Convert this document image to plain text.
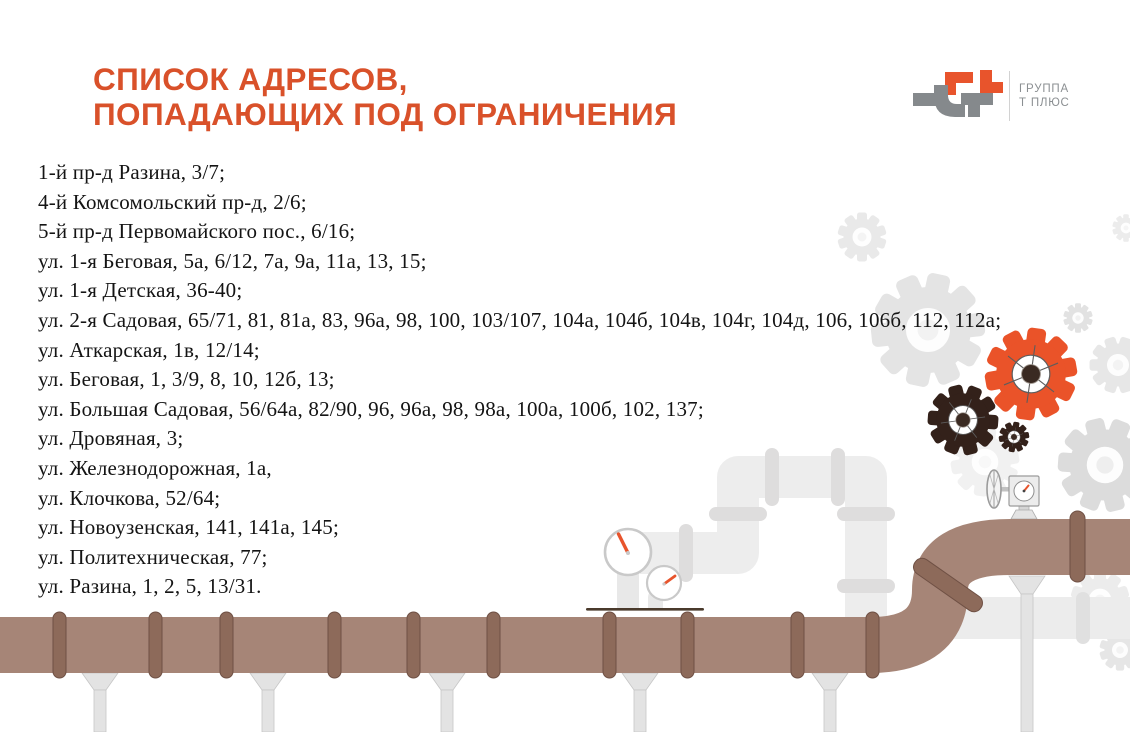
СПИСОК АДРЕСОВ,
ПОПАДАЮЩИХ ПОД ОГРАНИЧЕНИЯ
ГРУППА
Т ПЛЮС
1-й пр-д Разина, 3/7;
4-й Комсомольский пр-д, 2/6;
5-й пр-д Первомайского пос., 6/16;
ул. 1-я Беговая, 5а, 6/12, 7а, 9а, 11а, 13, 15;
ул. 1-я Детская, 36-40;
ул. 2-я Садовая, 65/71, 81, 81а, 83, 96а, 98, 100, 103/107, 104а, 104б, 104в, 104г, 104д, 106, 106б, 112, 112а;
ул. Аткарская, 1в, 12/14;
ул. Беговая, 1, 3/9, 8, 10, 12б, 13;
ул. Большая Садовая, 56/64а, 82/90, 96, 96а, 98, 98а, 100а, 100б, 102, 137;
ул. Дровяная, 3;
ул. Железнодорожная, 1а,
ул. Клочкова, 52/64;
ул. Новоузенская, 141, 141а, 145;
ул. Политехническая, 77;
ул. Разина, 1, 2, 5, 13/31.
